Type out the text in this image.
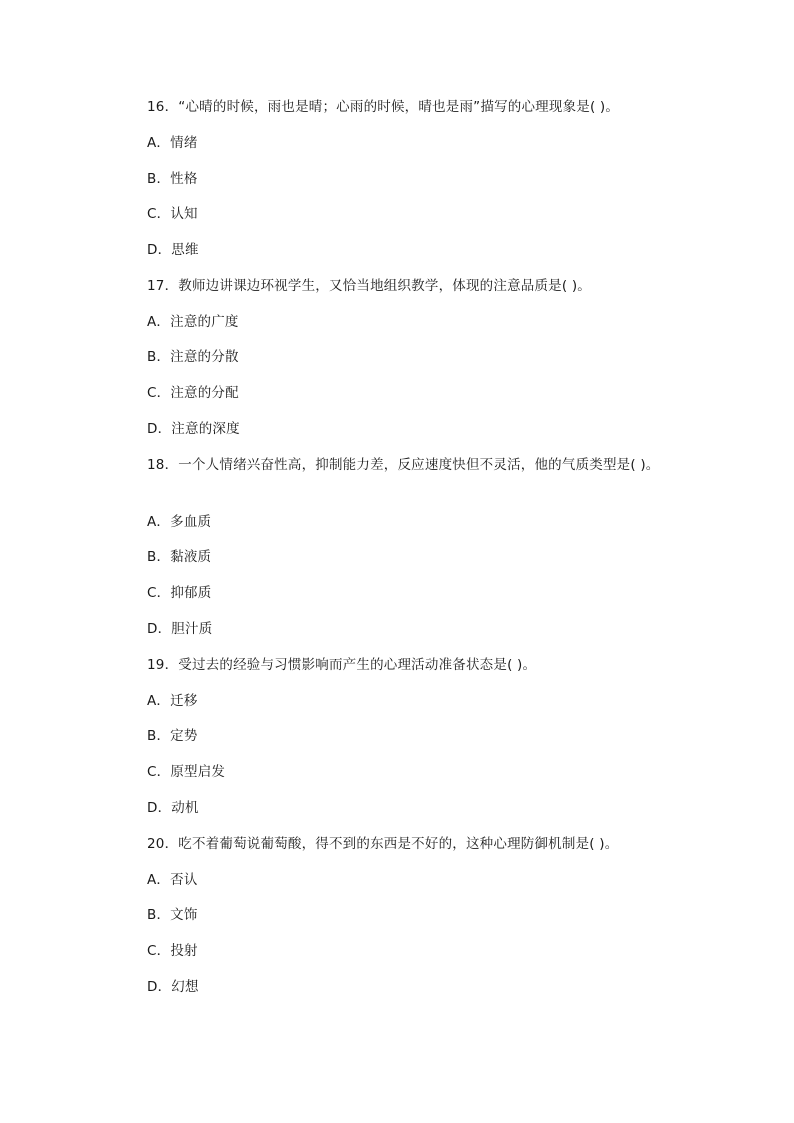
16．“心晴的时候，雨也是晴；心雨的时候，晴也是雨”描写的心理现象是( )。
A．情绪
B．性格
C．认知
D．思维
17．教师边讲课边环视学生，又恰当地组织教学，体现的注意品质是( )。
A．注意的广度
B．注意的分散
C．注意的分配
D．注意的深度
18．一个人情绪兴奋性高，抑制能力差，反应速度快但不灵活，他的气质类型是( )。
A．多血质
B．黏液质
C．抑郁质
D．胆汁质
19．受过去的经验与习惯影响而产生的心理活动准备状态是( )。
A．迁移
B．定势
C．原型启发
D．动机
20．吃不着葡萄说葡萄酸，得不到的东西是不好的，这种心理防御机制是( )。
A．否认
B．文饰
C．投射
D．幻想
